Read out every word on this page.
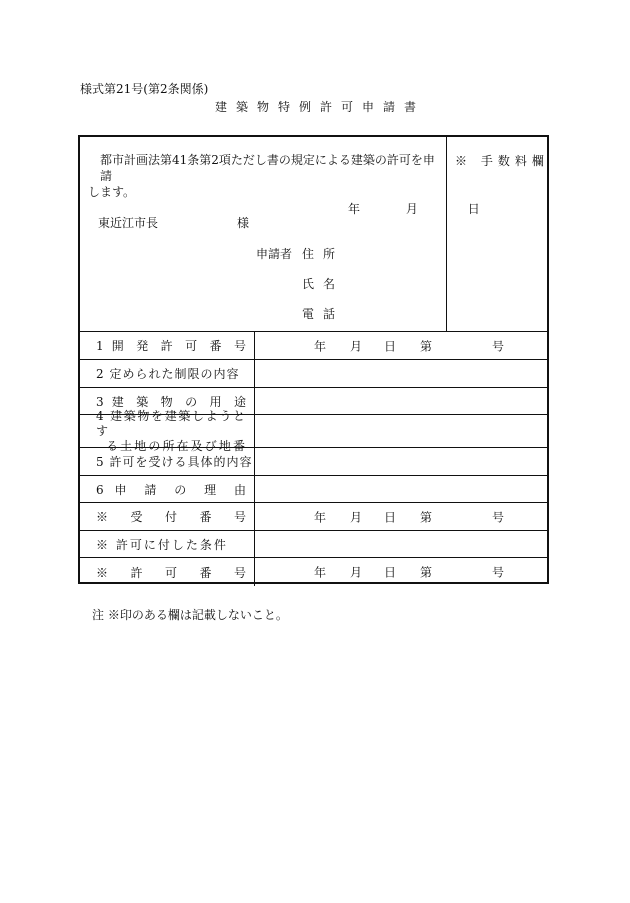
様式第21号(第2条関係)
建築物特例許可申請書
都市計画法第41条第2項ただし書の規定による建築の許可を申請
します。
年	月	日
東近江市長	様
申請者 住所
氏名
電話
※ 手数料欄
1 開 発 許 可 番 号	年 月 日 第	号
2 定められた制限の内容
3 建 築 物 の 用 途
4 建築物を建築しようとす
る土地の所在及び地番
5 許可を受ける具体的内容
6 申 請 の 理 由
※ 受 付 番 号	年 月 日 第	号
※ 許可に付した条件
※ 許 可 番 号	年 月 日 第	号
注 ※印のある欄は記載しないこと。
